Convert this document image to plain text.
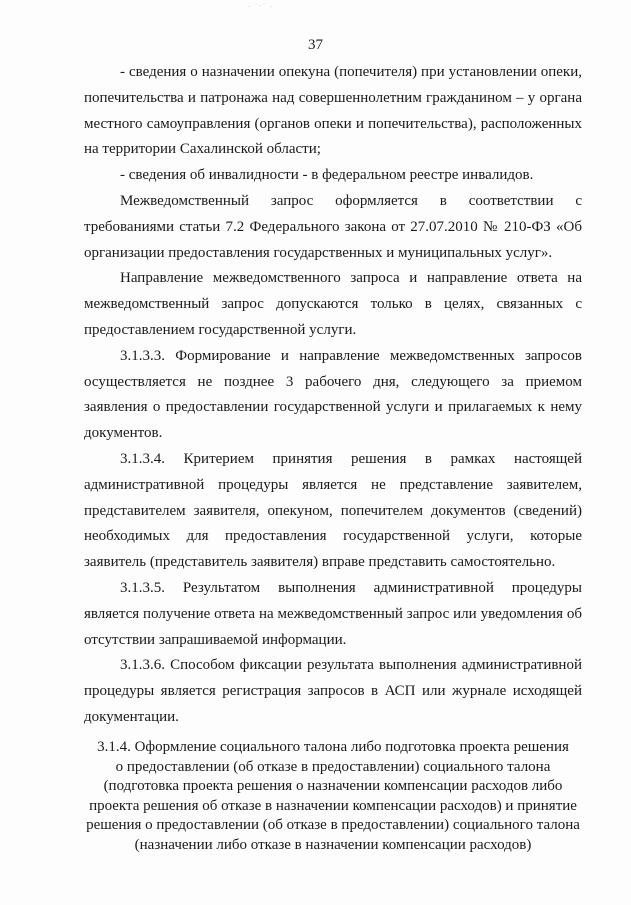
· ˙ˑ˙ ·
37

- сведения о назначении опекуна (попечителя) при установлении опеки, попечительства и патронажа над совершеннолетним гражданином – у органа местного самоуправления (органов опеки и попечительства), расположенных на территории Сахалинской области;

- сведения об инвалидности - в федеральном реестре инвалидов.

Межведомственный запрос оформляется в соответствии с требованиями статьи 7.2 Федерального закона от 27.07.2010 № 210-ФЗ «Об организации предоставления государственных и муниципальных услуг».

Направление межведомственного запроса и направление ответа на межведомственный запрос допускаются только в целях, связанных с предоставлением государственной услуги.

3.1.3.3. Формирование и направление межведомственных запросов осуществляется не позднее 3 рабочего дня, следующего за приемом заявления о предоставлении государственной услуги и прилагаемых к нему документов.

3.1.3.4. Критерием принятия решения в рамках настоящей административной процедуры является не представление заявителем, представителем заявителя, опекуном, попечителем документов (сведений) необходимых для предоставления государственной услуги, которые заявитель (представитель заявителя) вправе представить самостоятельно.

3.1.3.5. Результатом выполнения административной процедуры является получение ответа на межведомственный запрос или уведомления об отсутствии запрашиваемой информации.

3.1.3.6. Способом фиксации результата выполнения административной процедуры является регистрация запросов в АСП или журнале исходящей документации.

3.1.4. Оформление социального талона либо подготовка проекта решения
о предоставлении (об отказе в предоставлении) социального талона
(подготовка проекта решения о назначении компенсации расходов либо
проекта решения об отказе в назначении компенсации расходов) и принятие
решения о предоставлении (об отказе в предоставлении) социального талона
(назначении либо отказе в назначении компенсации расходов)
